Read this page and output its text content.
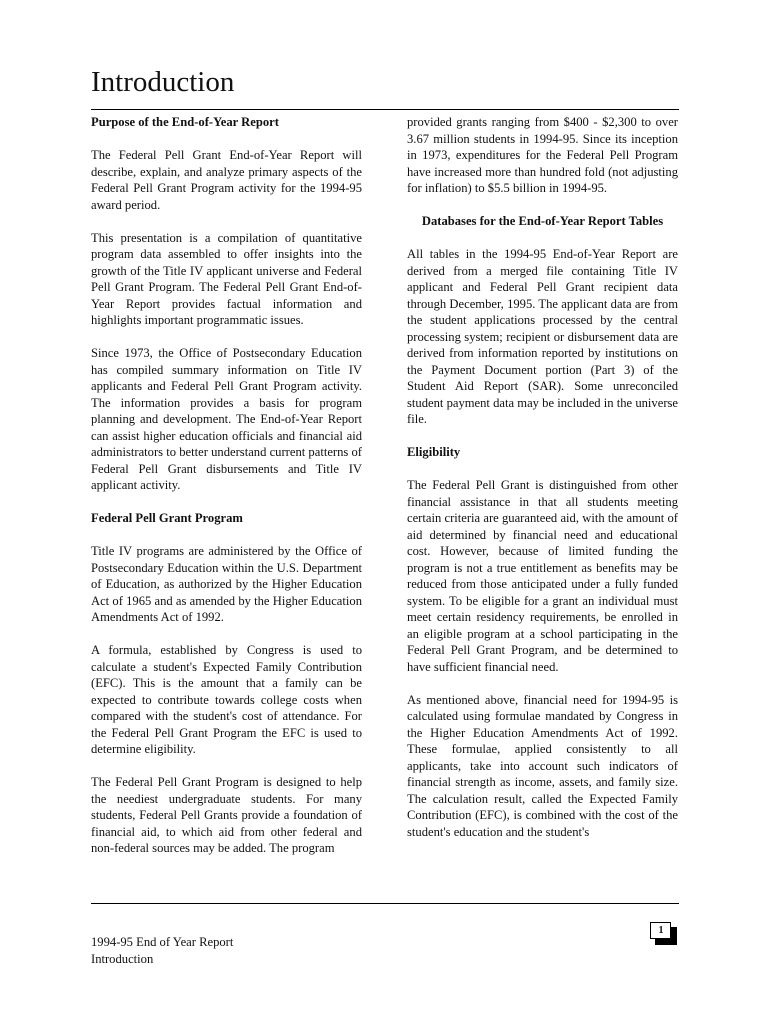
Introduction
Purpose of the End-of-Year Report

The Federal Pell Grant End-of-Year Report will describe, explain, and analyze primary aspects of the Federal Pell Grant Program activity for the 1994-95 award period.

This presentation is a compilation of quantitative program data assembled to offer insights into the growth of the Title IV applicant universe and Federal Pell Grant Program. The Federal Pell Grant End-of-Year Report provides factual information and highlights important programmatic issues.

Since 1973, the Office of Postsecondary Education has compiled summary information on Title IV applicants and Federal Pell Grant Program activity. The information provides a basis for program planning and development. The End-of-Year Report can assist higher education officials and financial aid administrators to better understand current patterns of Federal Pell Grant disbursements and Title IV applicant activity.

Federal Pell Grant Program

Title IV programs are administered by the Office of Postsecondary Education within the U.S. Department of Education, as authorized by the Higher Education Act of 1965 and as amended by the Higher Education Amendments Act of 1992.

A formula, established by Congress is used to calculate a student's Expected Family Contribution (EFC). This is the amount that a family can be expected to contribute towards college costs when compared with the student's cost of attendance. For the Federal Pell Grant Program the EFC is used to determine eligibility.

The Federal Pell Grant Program is designed to help the neediest undergraduate students. For many students, Federal Pell Grants provide a foundation of financial aid, to which aid from other federal and non-federal sources may be added. The program

provided grants ranging from $400 - $2,300 to over 3.67 million students in 1994-95. Since its inception in 1973, expenditures for the Federal Pell Program have increased more than hundred fold (not adjusting for inflation) to $5.5 billion in 1994-95.

Databases for the End-of-Year Report Tables

All tables in the 1994-95 End-of-Year Report are derived from a merged file containing Title IV applicant and Federal Pell Grant recipient data through December, 1995. The applicant data are from the student applications processed by the central processing system; recipient or disbursement data are derived from information reported by institutions on the Payment Document portion (Part 3) of the Student Aid Report (SAR). Some unreconciled student payment data may be included in the universe file.

Eligibility

The Federal Pell Grant is distinguished from other financial assistance in that all students meeting certain criteria are guaranteed aid, with the amount of aid determined by financial need and educational cost. However, because of limited funding the program is not a true entitlement as benefits may be reduced from those anticipated under a fully funded system. To be eligible for a grant an individual must meet certain residency requirements, be enrolled in an eligible program at a school participating in the Federal Pell Grant Program, and be determined to have sufficient financial need.

As mentioned above, financial need for 1994-95 is calculated using formulae mandated by Congress in the Higher Education Amendments Act of 1992. These formulae, applied consistently to all applicants, take into account such indicators of financial strength as income, assets, and family size. The calculation result, called the Expected Family Contribution (EFC), is combined with the cost of the student's education and the student's

1994-95 End of Year Report
Introduction
1
